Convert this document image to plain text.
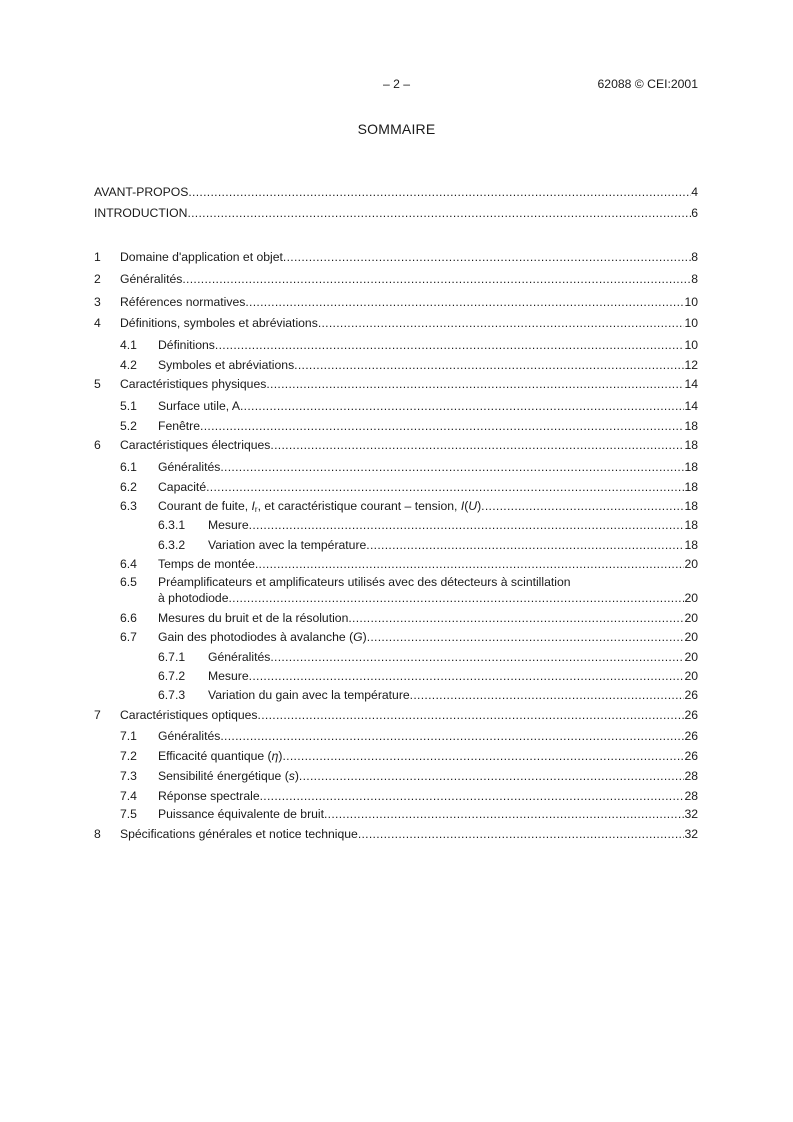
– 2 –	62088 © CEI:2001
SOMMAIRE
AVANT-PROPOS .....	4
INTRODUCTION .....	6
1 Domaine d'application et objet .....	8
2 Généralités .....	8
3 Références normatives .....	10
4 Définitions, symboles et abréviations .....	10
4.1 Définitions .....	10
4.2 Symboles et abréviations .....	12
5 Caractéristiques physiques .....	14
5.1 Surface utile, A .....	14
5.2 Fenêtre .....	18
6 Caractéristiques électriques .....	18
6.1 Généralités .....	18
6.2 Capacité .....	18
6.3 Courant de fuite, $I_r$, et caractéristique courant – tension, I(U) .....	18
6.3.1 Mesure .....	18
6.3.2 Variation avec la température .....	18
6.4 Temps de montée .....	20
6.5 Préamplificateurs et amplificateurs utilisés avec des détecteurs à scintillation
à photodiode .....	20
6.6 Mesures du bruit et de la résolution .....	20
6.7 Gain des photodiodes à avalanche (G) .....	20
6.7.1 Généralités .....	20
6.7.2 Mesure .....	20
6.7.3 Variation du gain avec la température .....	26
7 Caractéristiques optiques .....	26
7.1 Généralités .....	26
7.2 Efficacité quantique (η) .....	26
7.3 Sensibilité énergétique (s) .....	28
7.4 Réponse spectrale .....	28
7.5 Puissance équivalente de bruit .....	32
8 Spécifications générales et notice technique .....	32
